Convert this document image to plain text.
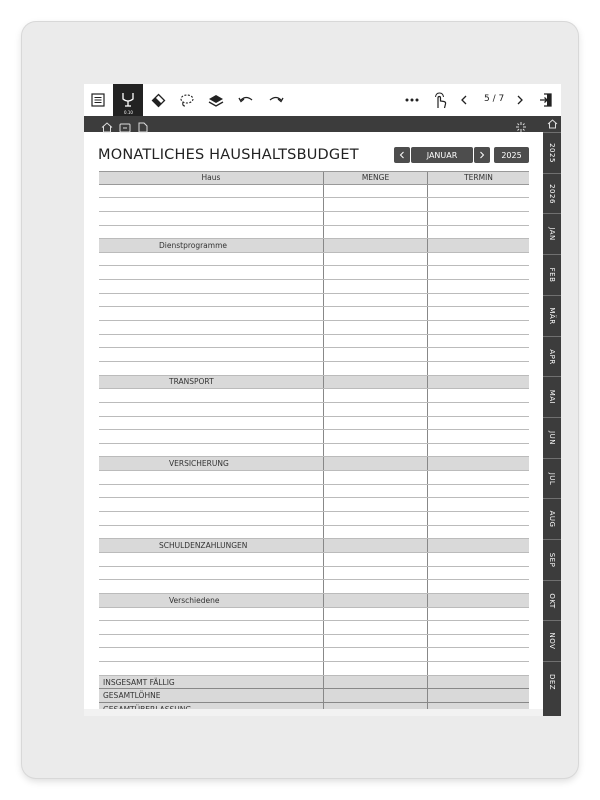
0.10
5 / 7
MONATLICHES HAUSHALTSBUDGET	JANUAR	2025
Haus	MENGE	TERMIN
Dienstprogramme
TRANSPORT
VERSICHERUNG
SCHULDENZAHLUNGEN
Verschiedene
INSGESAMT FÄLLIG
GESAMTLÖHNE
2025
2026
JAN
FEB
MÄR
APR
MAI
JUN
JUL
AUG
SEP
OKT
NOV
DEZ
